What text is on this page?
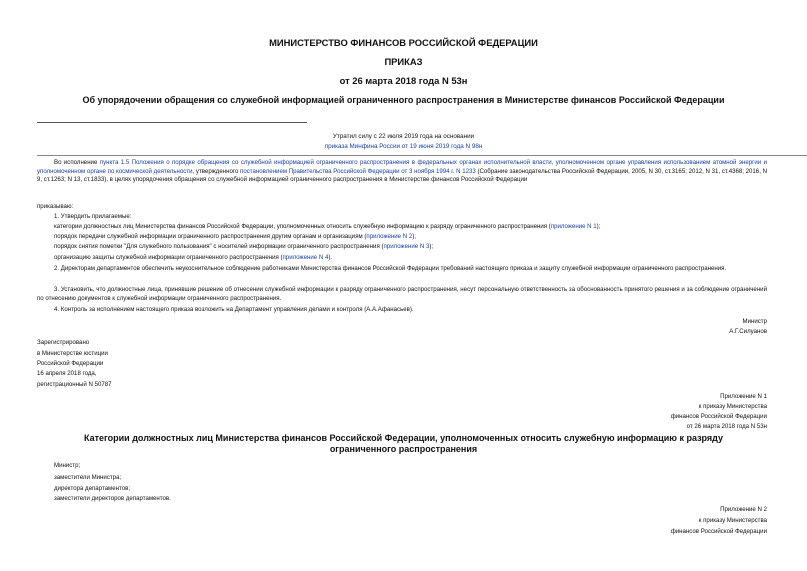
МИНИСТЕРСТВО ФИНАНСОВ РОССИЙСКОЙ ФЕДЕРАЦИИ
ПРИКАЗ
от 26 марта 2018 года N 53н
Об упорядочении обращения со служебной информацией ограниченного распространения в Министерстве финансов Российской Федерации
Утратил силу с 22 июля 2019 года на основании
приказа Минфина России от 19 июня 2019 года N 98н
Во исполнение пункта 1.5 Положения о порядке обращения со служебной информацией ограниченного распространения в федеральных органах исполнительной власти, уполномоченном органе управления использованием атомной энергии и уполномоченном органе по космической деятельности, утвержденного постановлением Правительства Российской Федерации от 3 ноября 1994 г. N 1233 (Собрание законодательства Российской Федерации, 2005, N 30, ст.3165; 2012, N 31, ст.4368; 2016, N 9, ст.1263; N 13, ст.1833), в целях упорядочения обращения со служебной информацией ограниченного распространения в Министерстве финансов Российской Федерации
приказываю:
1. Утвердить прилагаемые:
категории должностных лиц Министерства финансов Российской Федерации, уполномоченных относить служебную информацию к разряду ограниченного распространения (приложение N 1);
порядок передачи служебной информации ограниченного распространения другим органам и организациям (приложение N 2);
порядок снятия пометки "Для служебного пользования" с носителей информации ограниченного распространения (приложение N 3);
организацию защиты служебной информации ограниченного распространения (приложение N 4).
2. Директорам департаментов обеспечить неукоснительное соблюдение работниками Министерства финансов Российской Федерации требований настоящего приказа и защиту служебной информации ограниченного распространения.
3. Установить, что должностные лица, принявшие решение об отнесении служебной информации к разряду ограниченного распространения, несут персональную ответственность за обоснованность принятого решения и за соблюдение ограничений по отнесению документов к служебной информации ограниченного распространения.
4. Контроль за исполнением настоящего приказа возложить на Департамент управления делами и контроля (А.А.Афанасьев).
Министр
А.Г.Силуанов
Зарегистрировано
в Министерстве юстиции
Российской Федерации
16 апреля 2018 года,
регистрационный N 50787
Приложение N 1
к приказу Министерства
финансов Российской Федерации
от 26 марта 2018 года N 53н
Категории должностных лиц Министерства финансов Российской Федерации, уполномоченных относить служебную информацию к разряду ограниченного распространения
Министр;
заместители Министра;
директора департаментов;
заместители директоров департаментов.
Приложение N 2
к приказу Министерства
финансов Российской Федерации
